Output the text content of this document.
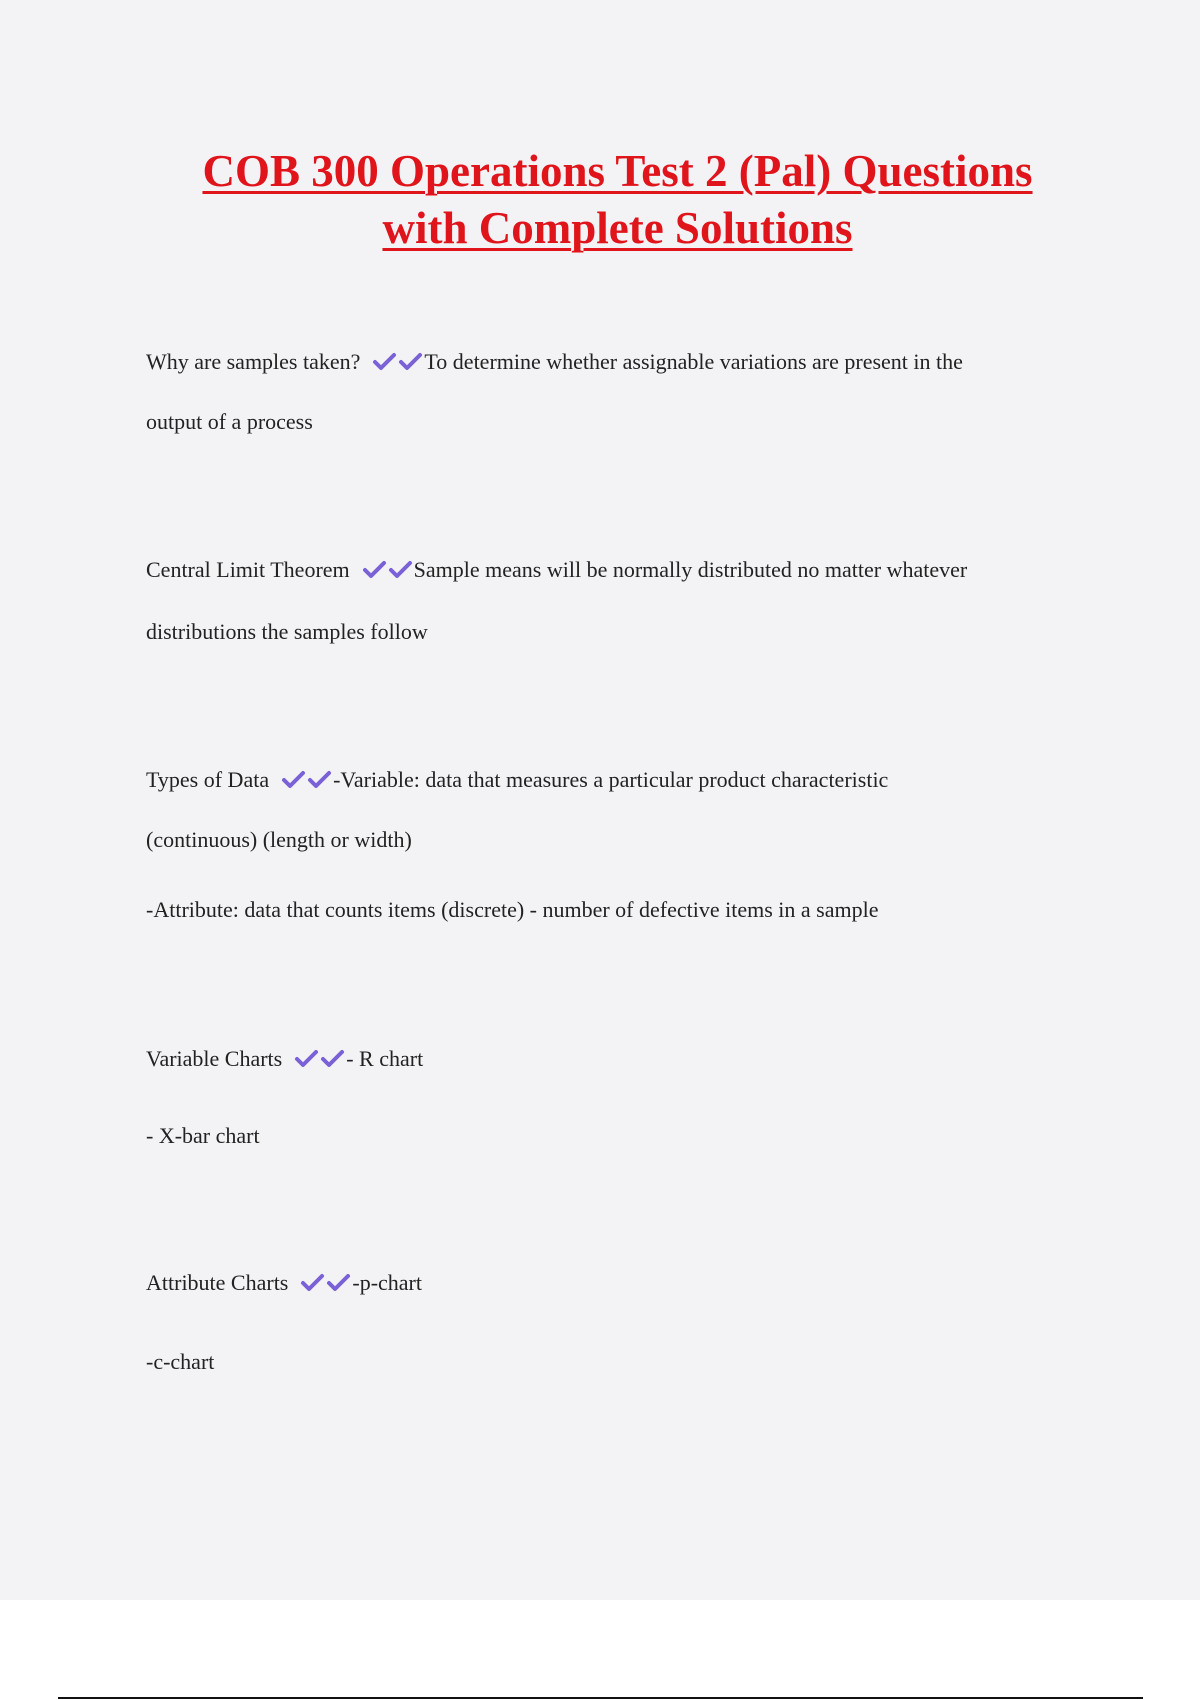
COB 300 Operations Test 2 (Pal) Questions
with Complete Solutions

Why are samples taken?	To determine whether assignable variations are present in the

output of a process

Central Limit Theorem	Sample means will be normally distributed no matter whatever

distributions the samples follow

Types of Data	-Variable: data that measures a particular product characteristic

(continuous) (length or width)

-Attribute: data that counts items (discrete) - number of defective items in a sample

Variable Charts	- R chart

- X-bar chart

Attribute Charts	-p-chart

-c-chart
